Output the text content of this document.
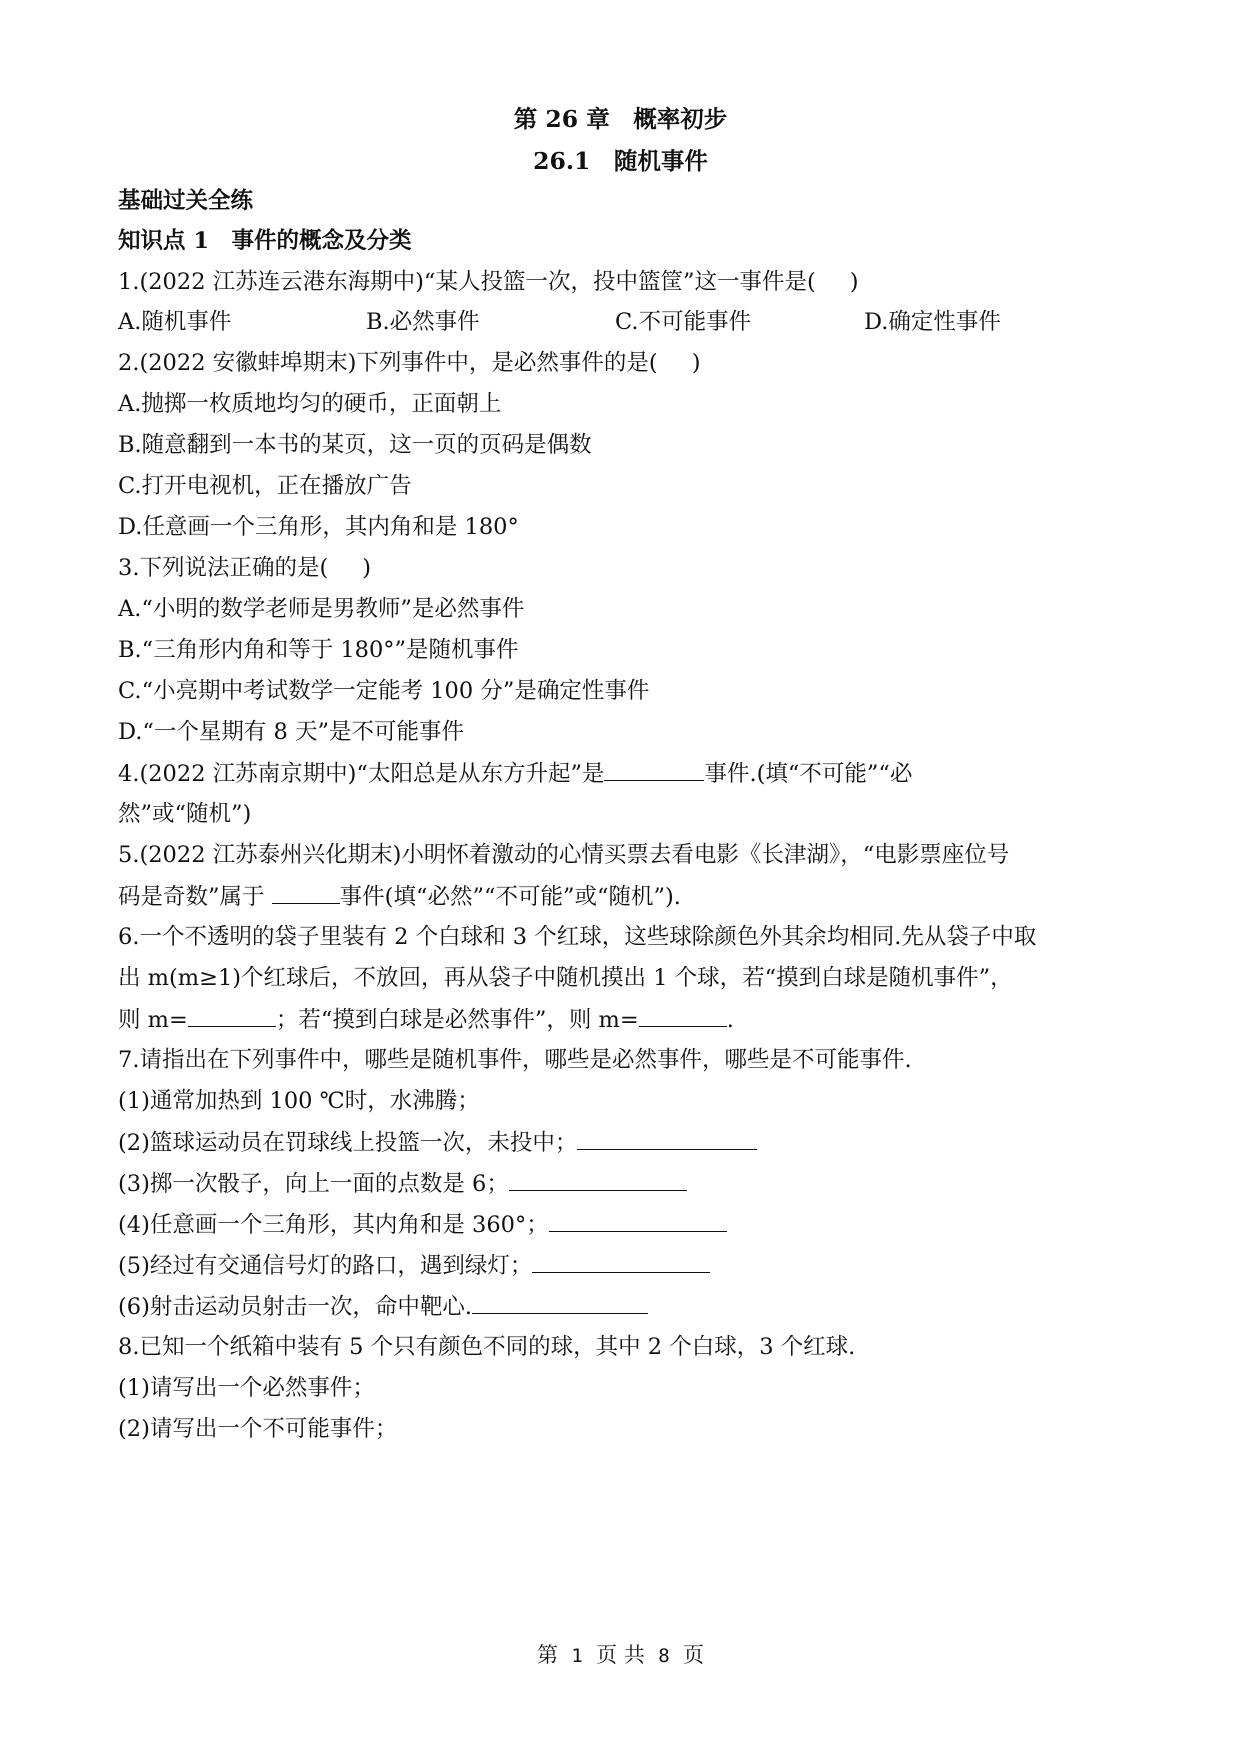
第 26 章　概率初步
26.1　随机事件
基础过关全练
知识点 1　事件的概念及分类
1.(2022 江苏连云港东海期中)“某人投篮一次，投中篮筐”这一事件是( )
A.随机事件	B.必然事件	C.不可能事件	D.确定性事件
2.(2022 安徽蚌埠期末)下列事件中，是必然事件的是( )
A.抛掷一枚质地均匀的硬币，正面朝上
B.随意翻到一本书的某页，这一页的页码是偶数
C.打开电视机，正在播放广告
D.任意画一个三角形，其内角和是 180°
3.下列说法正确的是( )
A.“小明的数学老师是男教师”是必然事件
B.“三角形内角和等于 180°”是随机事件
C.“小亮期中考试数学一定能考 100 分”是确定性事件
D.“一个星期有 8 天”是不可能事件
4.(2022 江苏南京期中)“太阳总是从东方升起”是	事件.(填“不可能”“必
然”或“随机”)
5.(2022 江苏泰州兴化期末)小明怀着激动的心情买票去看电影《长津湖》，“电影票座位号
码是奇数”属于	事件(填“必然”“不可能”或“随机”).
6.一个不透明的袋子里装有 2 个白球和 3 个红球，这些球除颜色外其余均相同.先从袋子中取
出 m(m≥1)个红球后，不放回，再从袋子中随机摸出 1 个球，若“摸到白球是随机事件”，
则 m=	；若“摸到白球是必然事件”，则 m=	.
7.请指出在下列事件中，哪些是随机事件，哪些是必然事件，哪些是不可能事件.
(1)通常加热到 100 ℃时，水沸腾；
(2)篮球运动员在罚球线上投篮一次，未投中；
(3)掷一次骰子，向上一面的点数是 6；
(4)任意画一个三角形，其内角和是 360°；
(5)经过有交通信号灯的路口，遇到绿灯；
(6)射击运动员射击一次，命中靶心.
8.已知一个纸箱中装有 5 个只有颜色不同的球，其中 2 个白球，3 个红球.
(1)请写出一个必然事件；
(2)请写出一个不可能事件；
第 1 页 共 8 页
